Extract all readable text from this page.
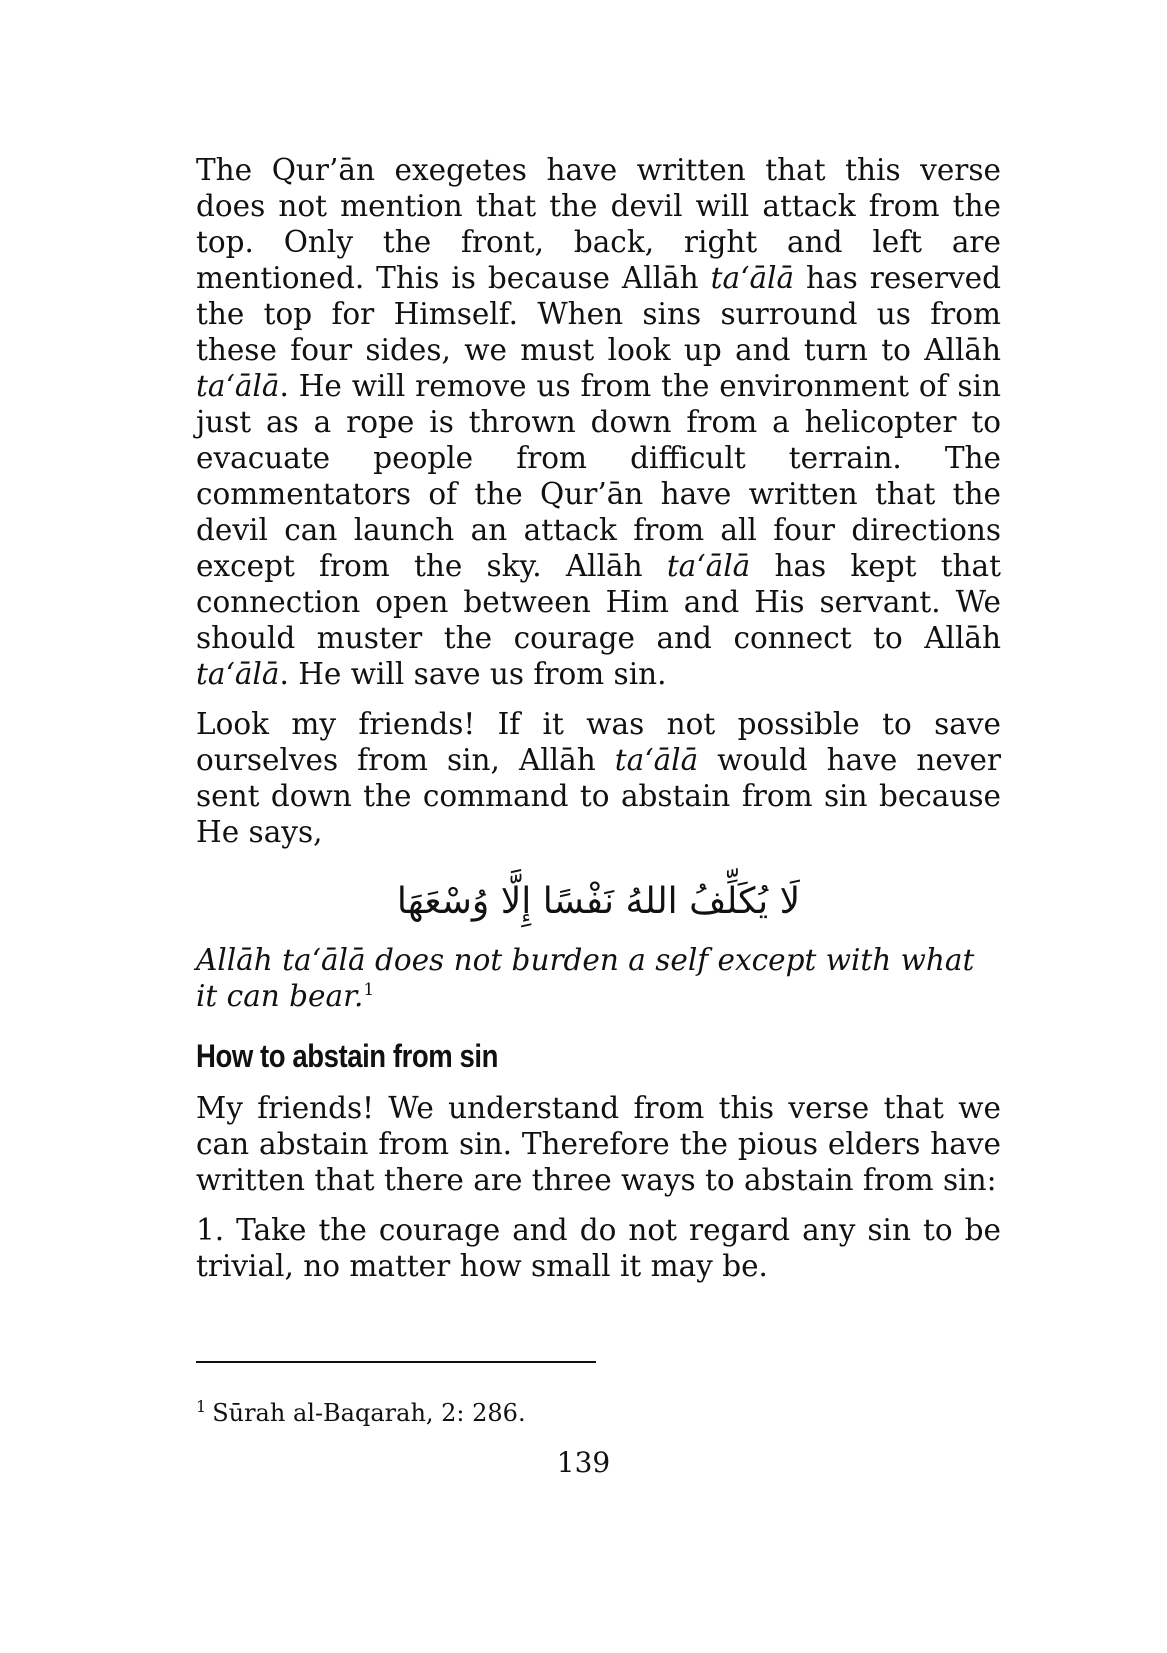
The Qur’ān exegetes have written that this verse does not mention that the devil will attack from the top. Only the front, back, right and left are mentioned. This is because Allāh ta‘ālā has reserved the top for Himself. When sins surround us from these four sides, we must look up and turn to Allāh ta‘ālā. He will remove us from the environment of sin just as a rope is thrown down from a helicopter to evacuate people from difficult terrain. The commentators of the Qur’ān have written that the devil can launch an attack from all four directions except from the sky. Allāh ta‘ālā has kept that connection open between Him and His servant. We should muster the courage and connect to Allāh ta‘ālā. He will save us from sin.

Look my friends! If it was not possible to save ourselves from sin, Allāh ta‘ālā would have never sent down the command to abstain from sin because He says,

لَا يُكَلِّفُ اللهُ نَفْسًا إِلَّا وُسْعَهَا

Allāh ta‘ālā does not burden a self except with what it can bear.$^1$

How to abstain from sin

My friends! We understand from this verse that we can abstain from sin. Therefore the pious elders have written that there are three ways to abstain from sin:

1. Take the courage and do not regard any sin to be trivial, no matter how small it may be.

$^1$ Sūrah al-Baqarah, 2: 286.

139
